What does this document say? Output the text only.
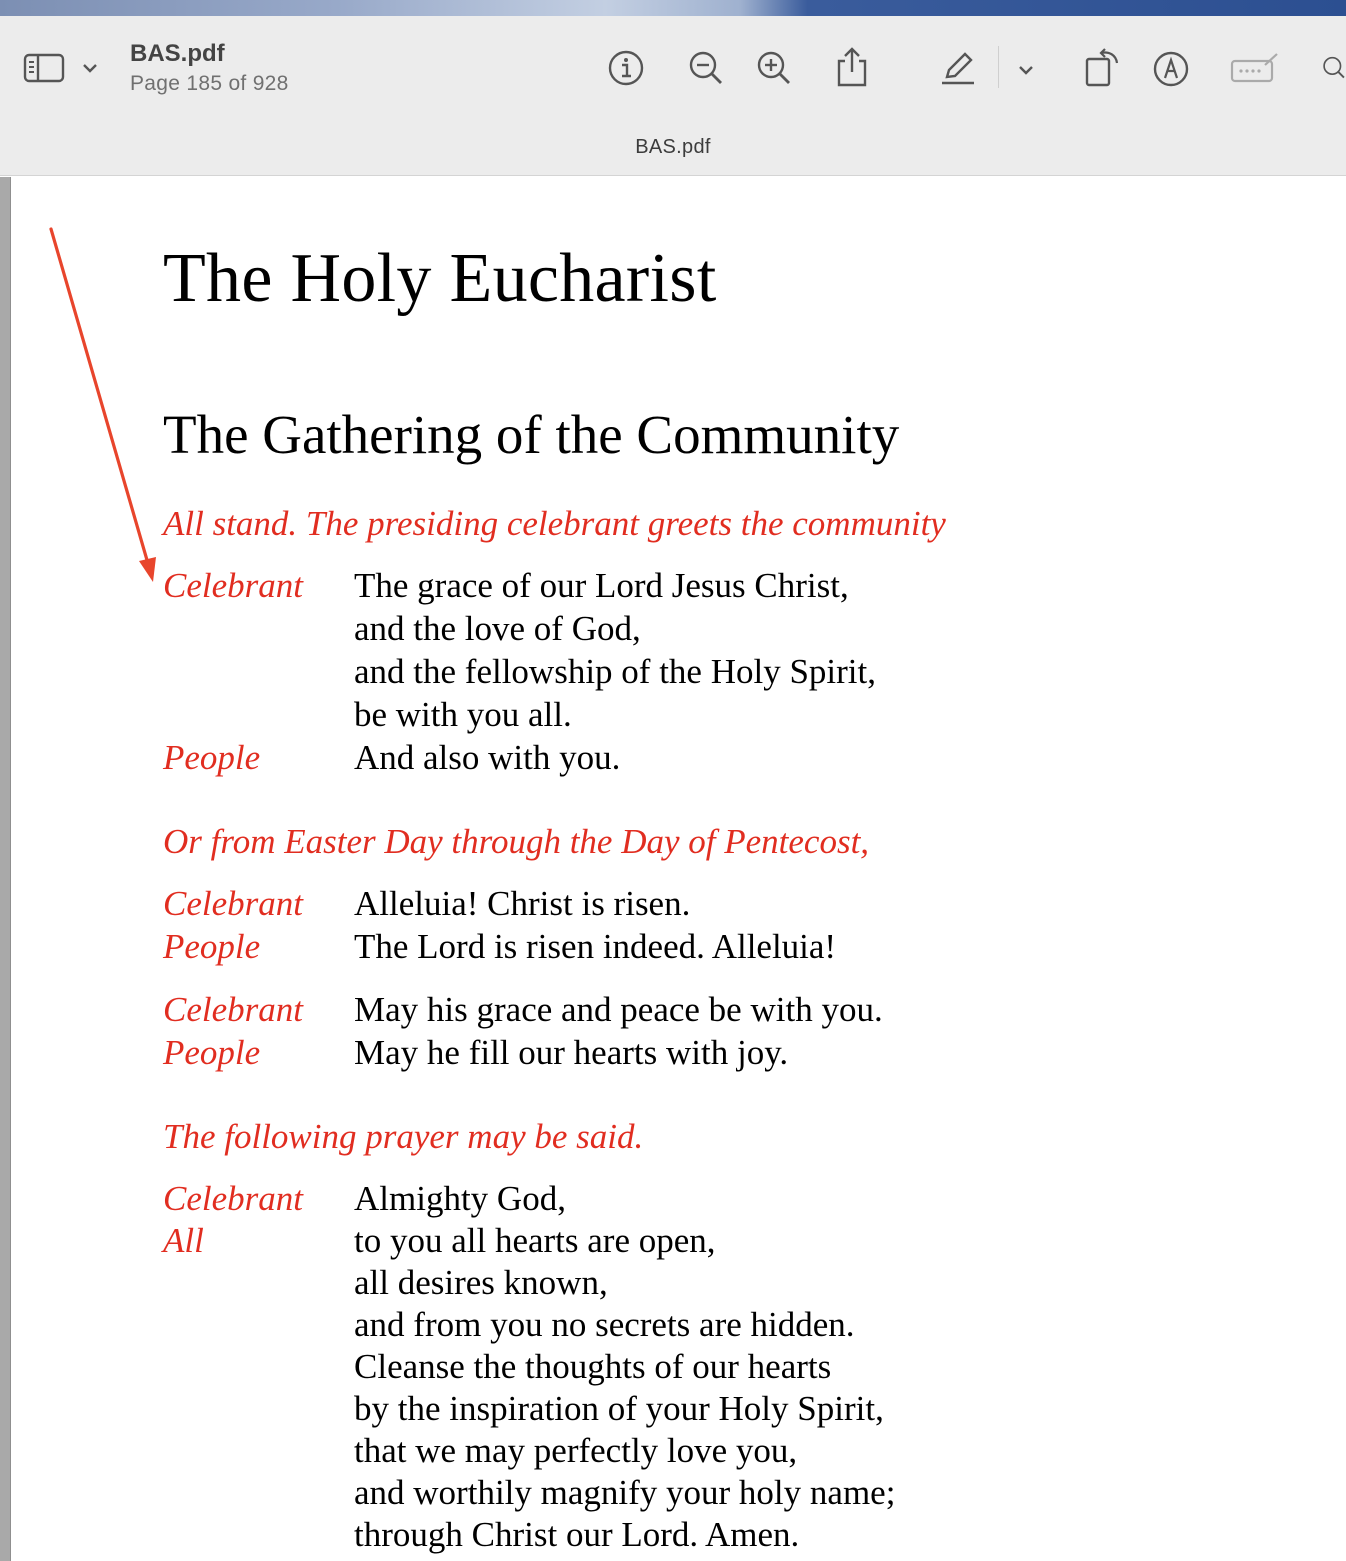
BAS.pdf
Page 185 of 928
BAS.pdf
The Holy Eucharist
The Gathering of the Community
All stand. The presiding celebrant greets the community
Celebrant The grace of our Lord Jesus Christ,
and the love of God,
and the fellowship of the Holy Spirit,
be with you all.
People	And also with you.
Or from Easter Day through the Day of Pentecost,
Celebrant Alleluia! Christ is risen.
People	The Lord is risen indeed. Alleluia!
Celebrant May his grace and peace be with you.
People	May he fill our hearts with joy.
The following prayer may be said.
Celebrant Almighty God,
All	to you all hearts are open,
all desires known,
and from you no secrets are hidden.
Cleanse the thoughts of our hearts
by the inspiration of your Holy Spirit,
that we may perfectly love you,
and worthily magnify your holy name;
through Christ our Lord. Amen.
